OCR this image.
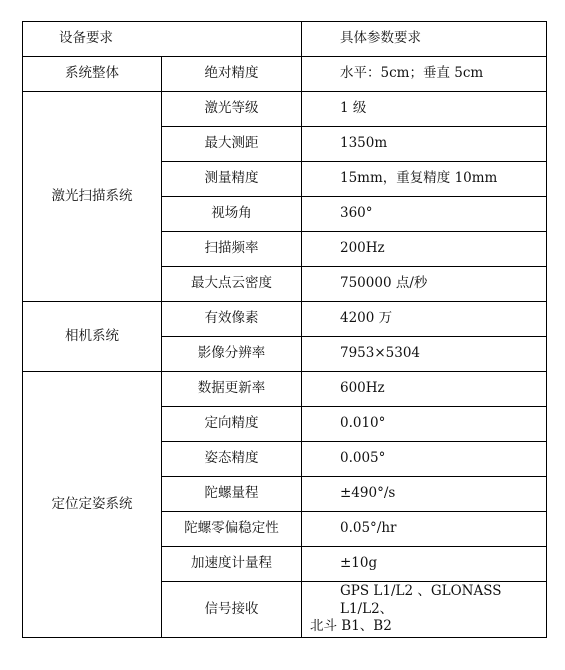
设备要求		具体参数要求
系统整体	绝对精度	水平：5cm；垂直 5cm
激光扫描系统	激光等级	1 级
	最大测距	1350m
	测量精度	15mm，重复精度 10mm
	视场角	360°
	扫描频率	200Hz
	最大点云密度	750000 点/秒
相机系统	有效像素	4200 万
	影像分辨率	7953×5304
定位定姿系统	数据更新率	600Hz
	定向精度	0.010°
	姿态精度	0.005°
	陀螺量程	±490°/s
	陀螺零偏稳定性	0.05°/hr
	加速度计量程	±10g
	信号接收	GPS L1/L2 、GLONASS L1/L2、
北斗 B1、B2
